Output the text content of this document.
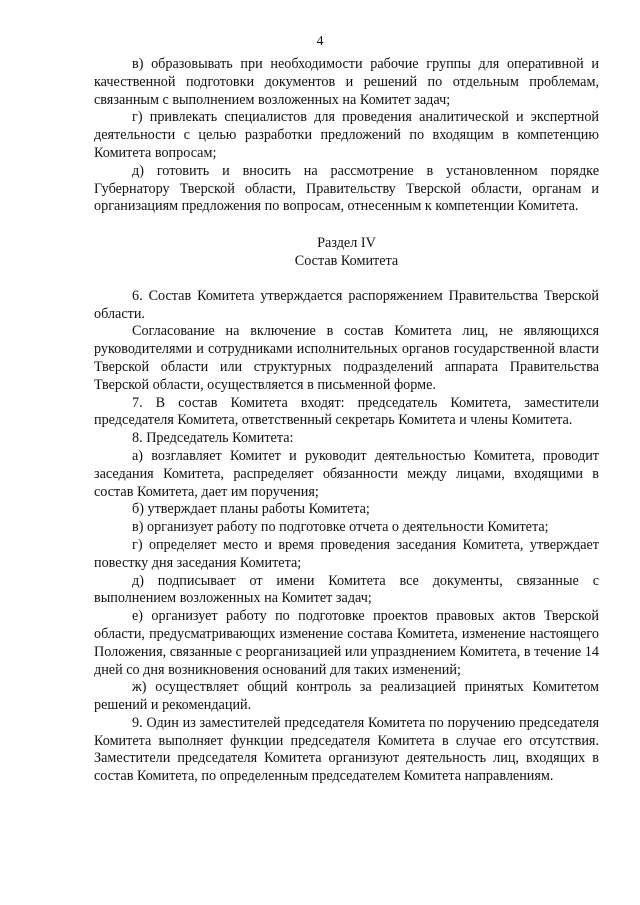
4

в) образовывать при необходимости рабочие группы для оперативной и качественной подготовки документов и решений по отдельным проблемам, связанным с выполнением возложенных на Комитет задач;

г) привлекать специалистов для проведения аналитической и экспертной деятельности с целью разработки предложений по входящим в компетенцию Комитета вопросам;

д) готовить и вносить на рассмотрение в установленном порядке Губернатору Тверской области, Правительству Тверской области, органам и организациям предложения по вопросам, отнесенным к компетенции Комитета.

Раздел IV

Состав Комитета

6. Состав Комитета утверждается распоряжением Правительства Тверской области.

Согласование на включение в состав Комитета лиц, не являющихся руководителями и сотрудниками исполнительных органов государственной власти Тверской области или структурных подразделений аппарата Правительства Тверской области, осуществляется в письменной форме.

7. В состав Комитета входят: председатель Комитета, заместители председателя Комитета, ответственный секретарь Комитета и члены Комитета.

8. Председатель Комитета:

а) возглавляет Комитет и руководит деятельностью Комитета, проводит заседания Комитета, распределяет обязанности между лицами, входящими в состав Комитета, дает им поручения;

б) утверждает планы работы Комитета;

в) организует работу по подготовке отчета о деятельности Комитета;

г) определяет место и время проведения заседания Комитета, утверждает повестку дня заседания Комитета;

д) подписывает от имени Комитета все документы, связанные с выполнением возложенных на Комитет задач;

е) организует работу по подготовке проектов правовых актов Тверской области, предусматривающих изменение состава Комитета, изменение настоящего Положения, связанные с реорганизацией или упразднением Комитета, в течение 14 дней со дня возникновения оснований для таких изменений;

ж) осуществляет общий контроль за реализацией принятых Комитетом решений и рекомендаций.

9. Один из заместителей председателя Комитета по поручению председателя Комитета выполняет функции председателя Комитета в случае его отсутствия. Заместители председателя Комитета организуют деятельность лиц, входящих в состав Комитета, по определенным председателем Комитета направлениям.
